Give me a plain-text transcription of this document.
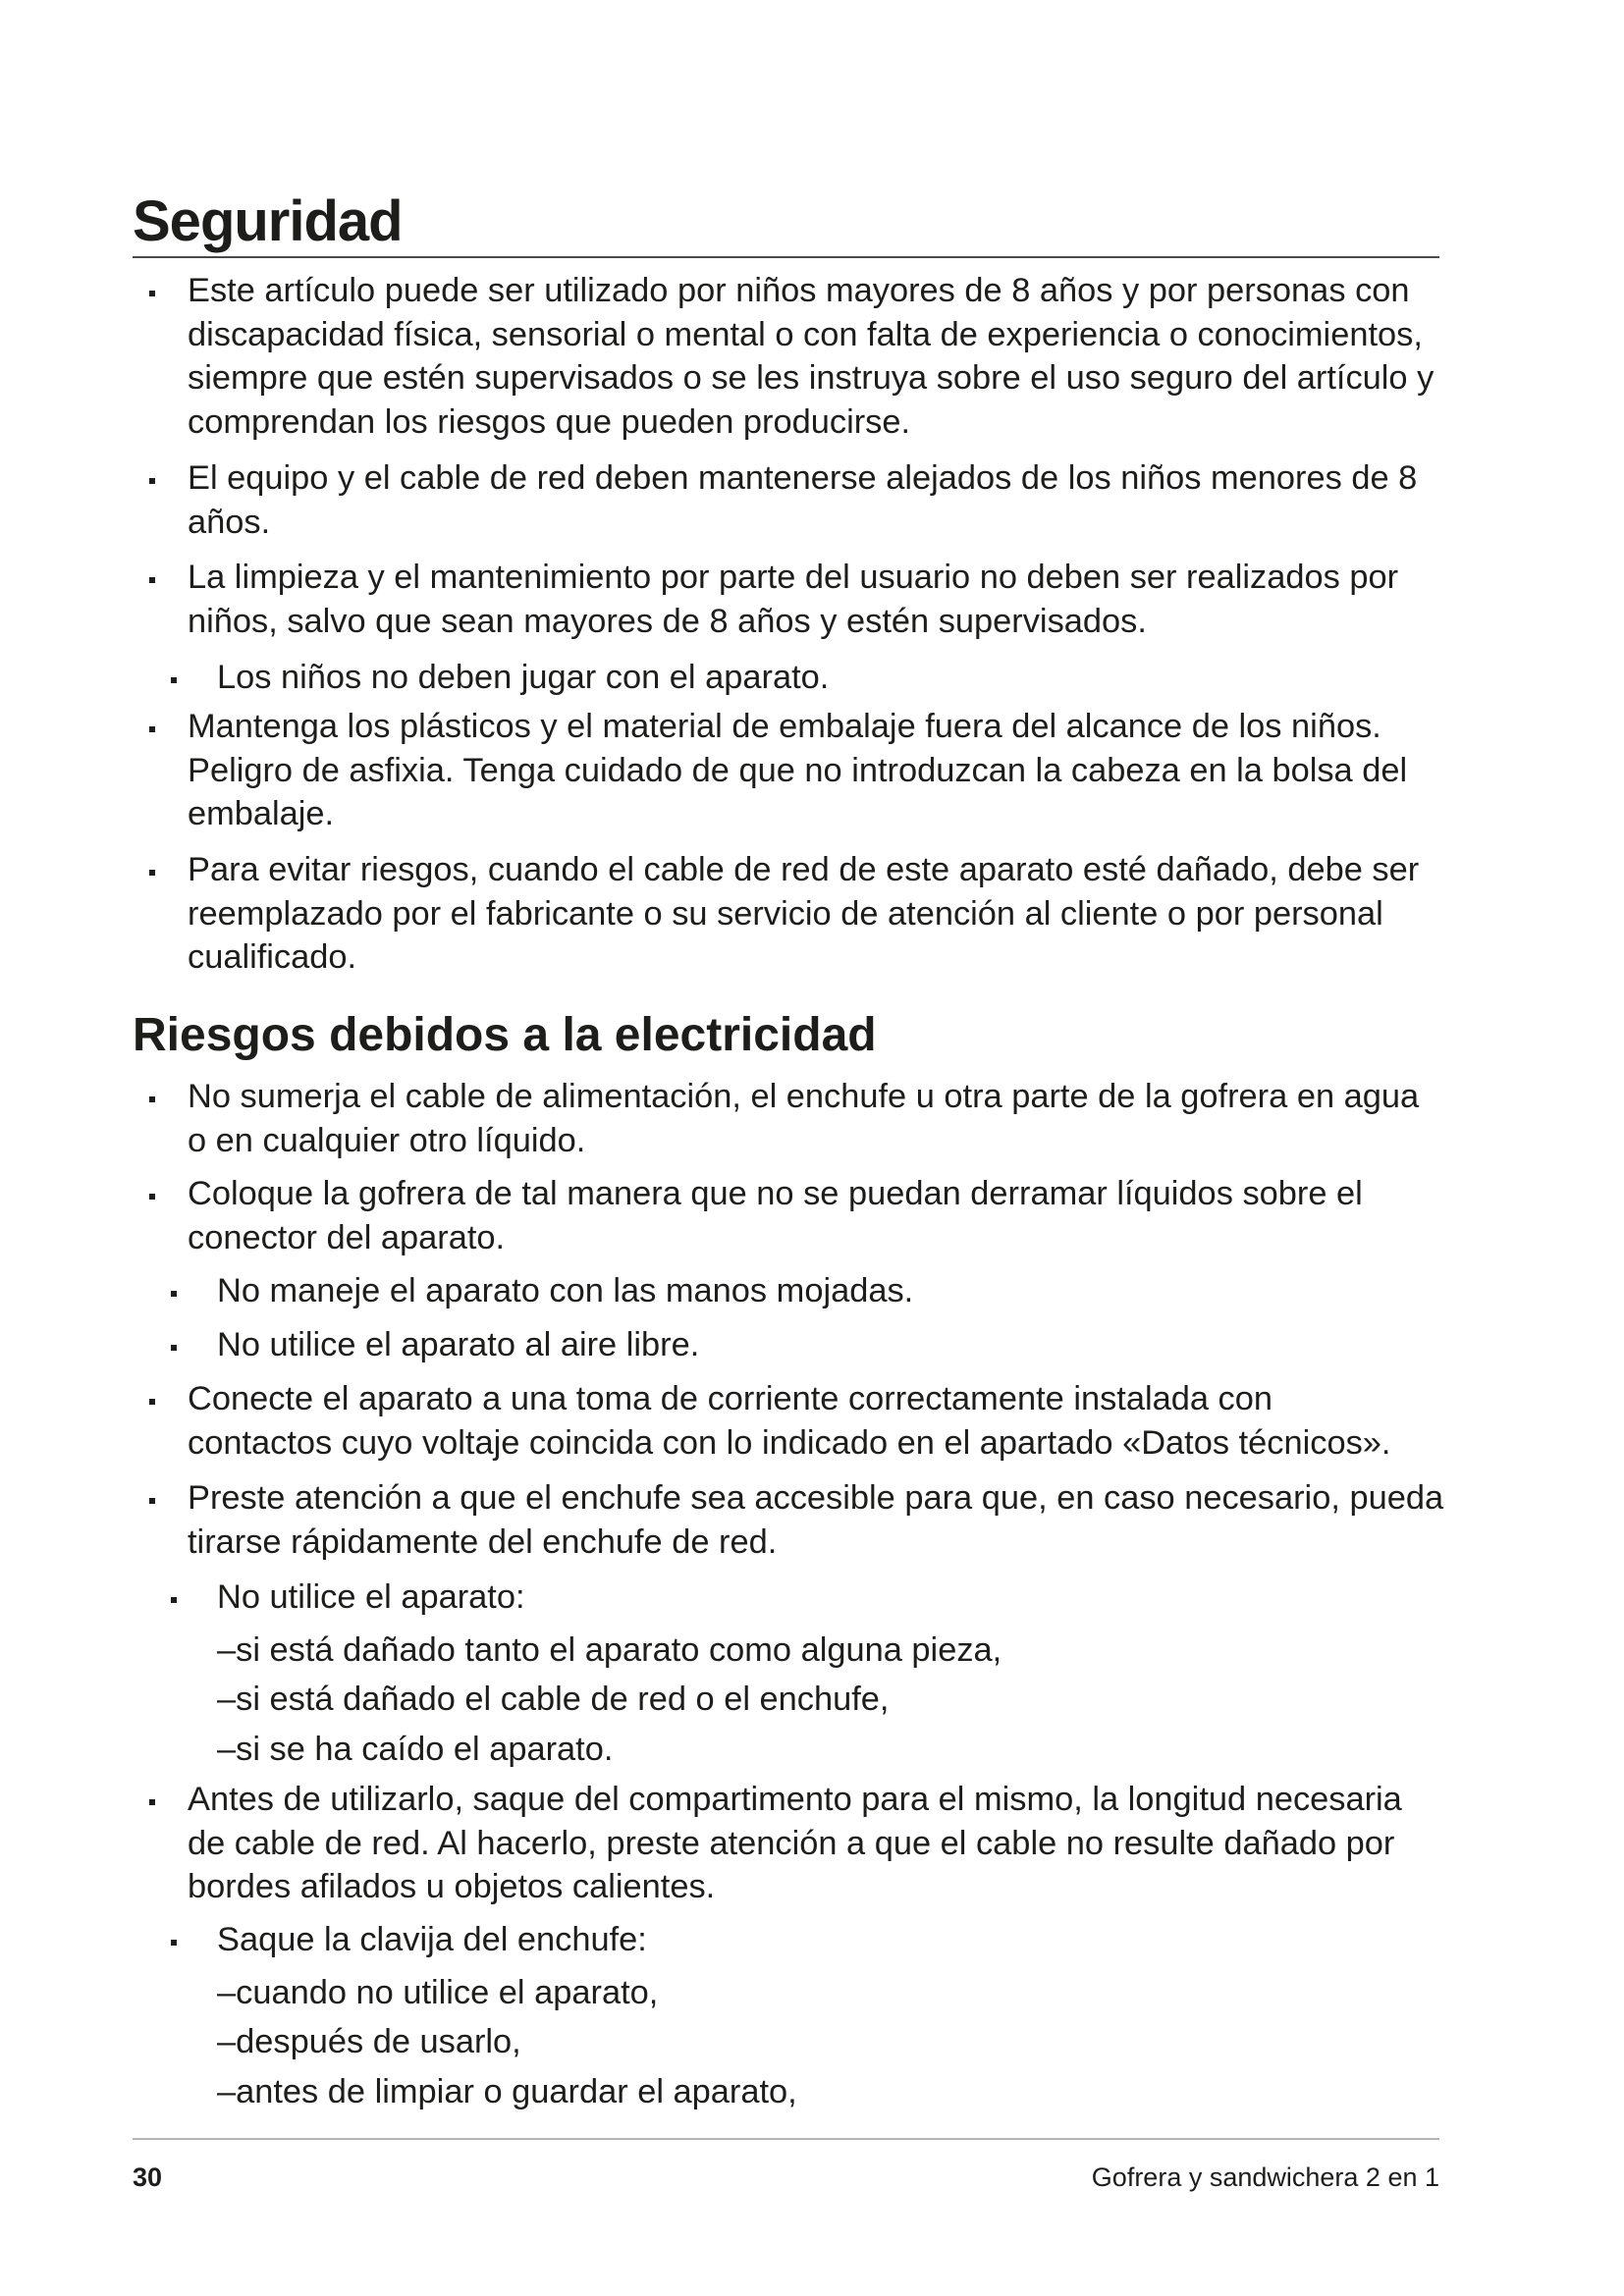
Seguridad
Este artículo puede ser utilizado por niños mayores de 8 años y por personas con
discapacidad física, sensorial o mental o con falta de experiencia o conocimientos,
siempre que estén supervisados o se les instruya sobre el uso seguro del artículo y
comprendan los riesgos que pueden producirse.
El equipo y el cable de red deben mantenerse alejados de los niños menores de 8
años.
La limpieza y el mantenimiento por parte del usuario no deben ser realizados por
niños, salvo que sean mayores de 8 años y estén supervisados.
Los niños no deben jugar con el aparato.
Mantenga los plásticos y el material de embalaje fuera del alcance de los niños.
Peligro de asfixia. Tenga cuidado de que no introduzcan la cabeza en la bolsa del
embalaje.
Para evitar riesgos, cuando el cable de red de este aparato esté dañado, debe ser
reemplazado por el fabricante o su servicio de atención al cliente o por personal
cualificado.
Riesgos debidos a la electricidad
No sumerja el cable de alimentación, el enchufe u otra parte de la gofrera en agua
o en cualquier otro líquido.
Coloque la gofrera de tal manera que no se puedan derramar líquidos sobre el
conector del aparato.
No maneje el aparato con las manos mojadas.
No utilice el aparato al aire libre.
Conecte el aparato a una toma de corriente correctamente instalada con
contactos cuyo voltaje coincida con lo indicado en el apartado «Datos técnicos».
Preste atención a que el enchufe sea accesible para que, en caso necesario, pueda
tirarse rápidamente del enchufe de red.
No utilice el aparato:
–si está dañado tanto el aparato como alguna pieza,
–si está dañado el cable de red o el enchufe,
–si se ha caído el aparato.
Antes de utilizarlo, saque del compartimento para el mismo, la longitud necesaria
de cable de red. Al hacerlo, preste atención a que el cable no resulte dañado por
bordes afilados u objetos calientes.
Saque la clavija del enchufe:
–cuando no utilice el aparato,
–después de usarlo,
–antes de limpiar o guardar el aparato,
30	Gofrera y sandwichera 2 en 1
